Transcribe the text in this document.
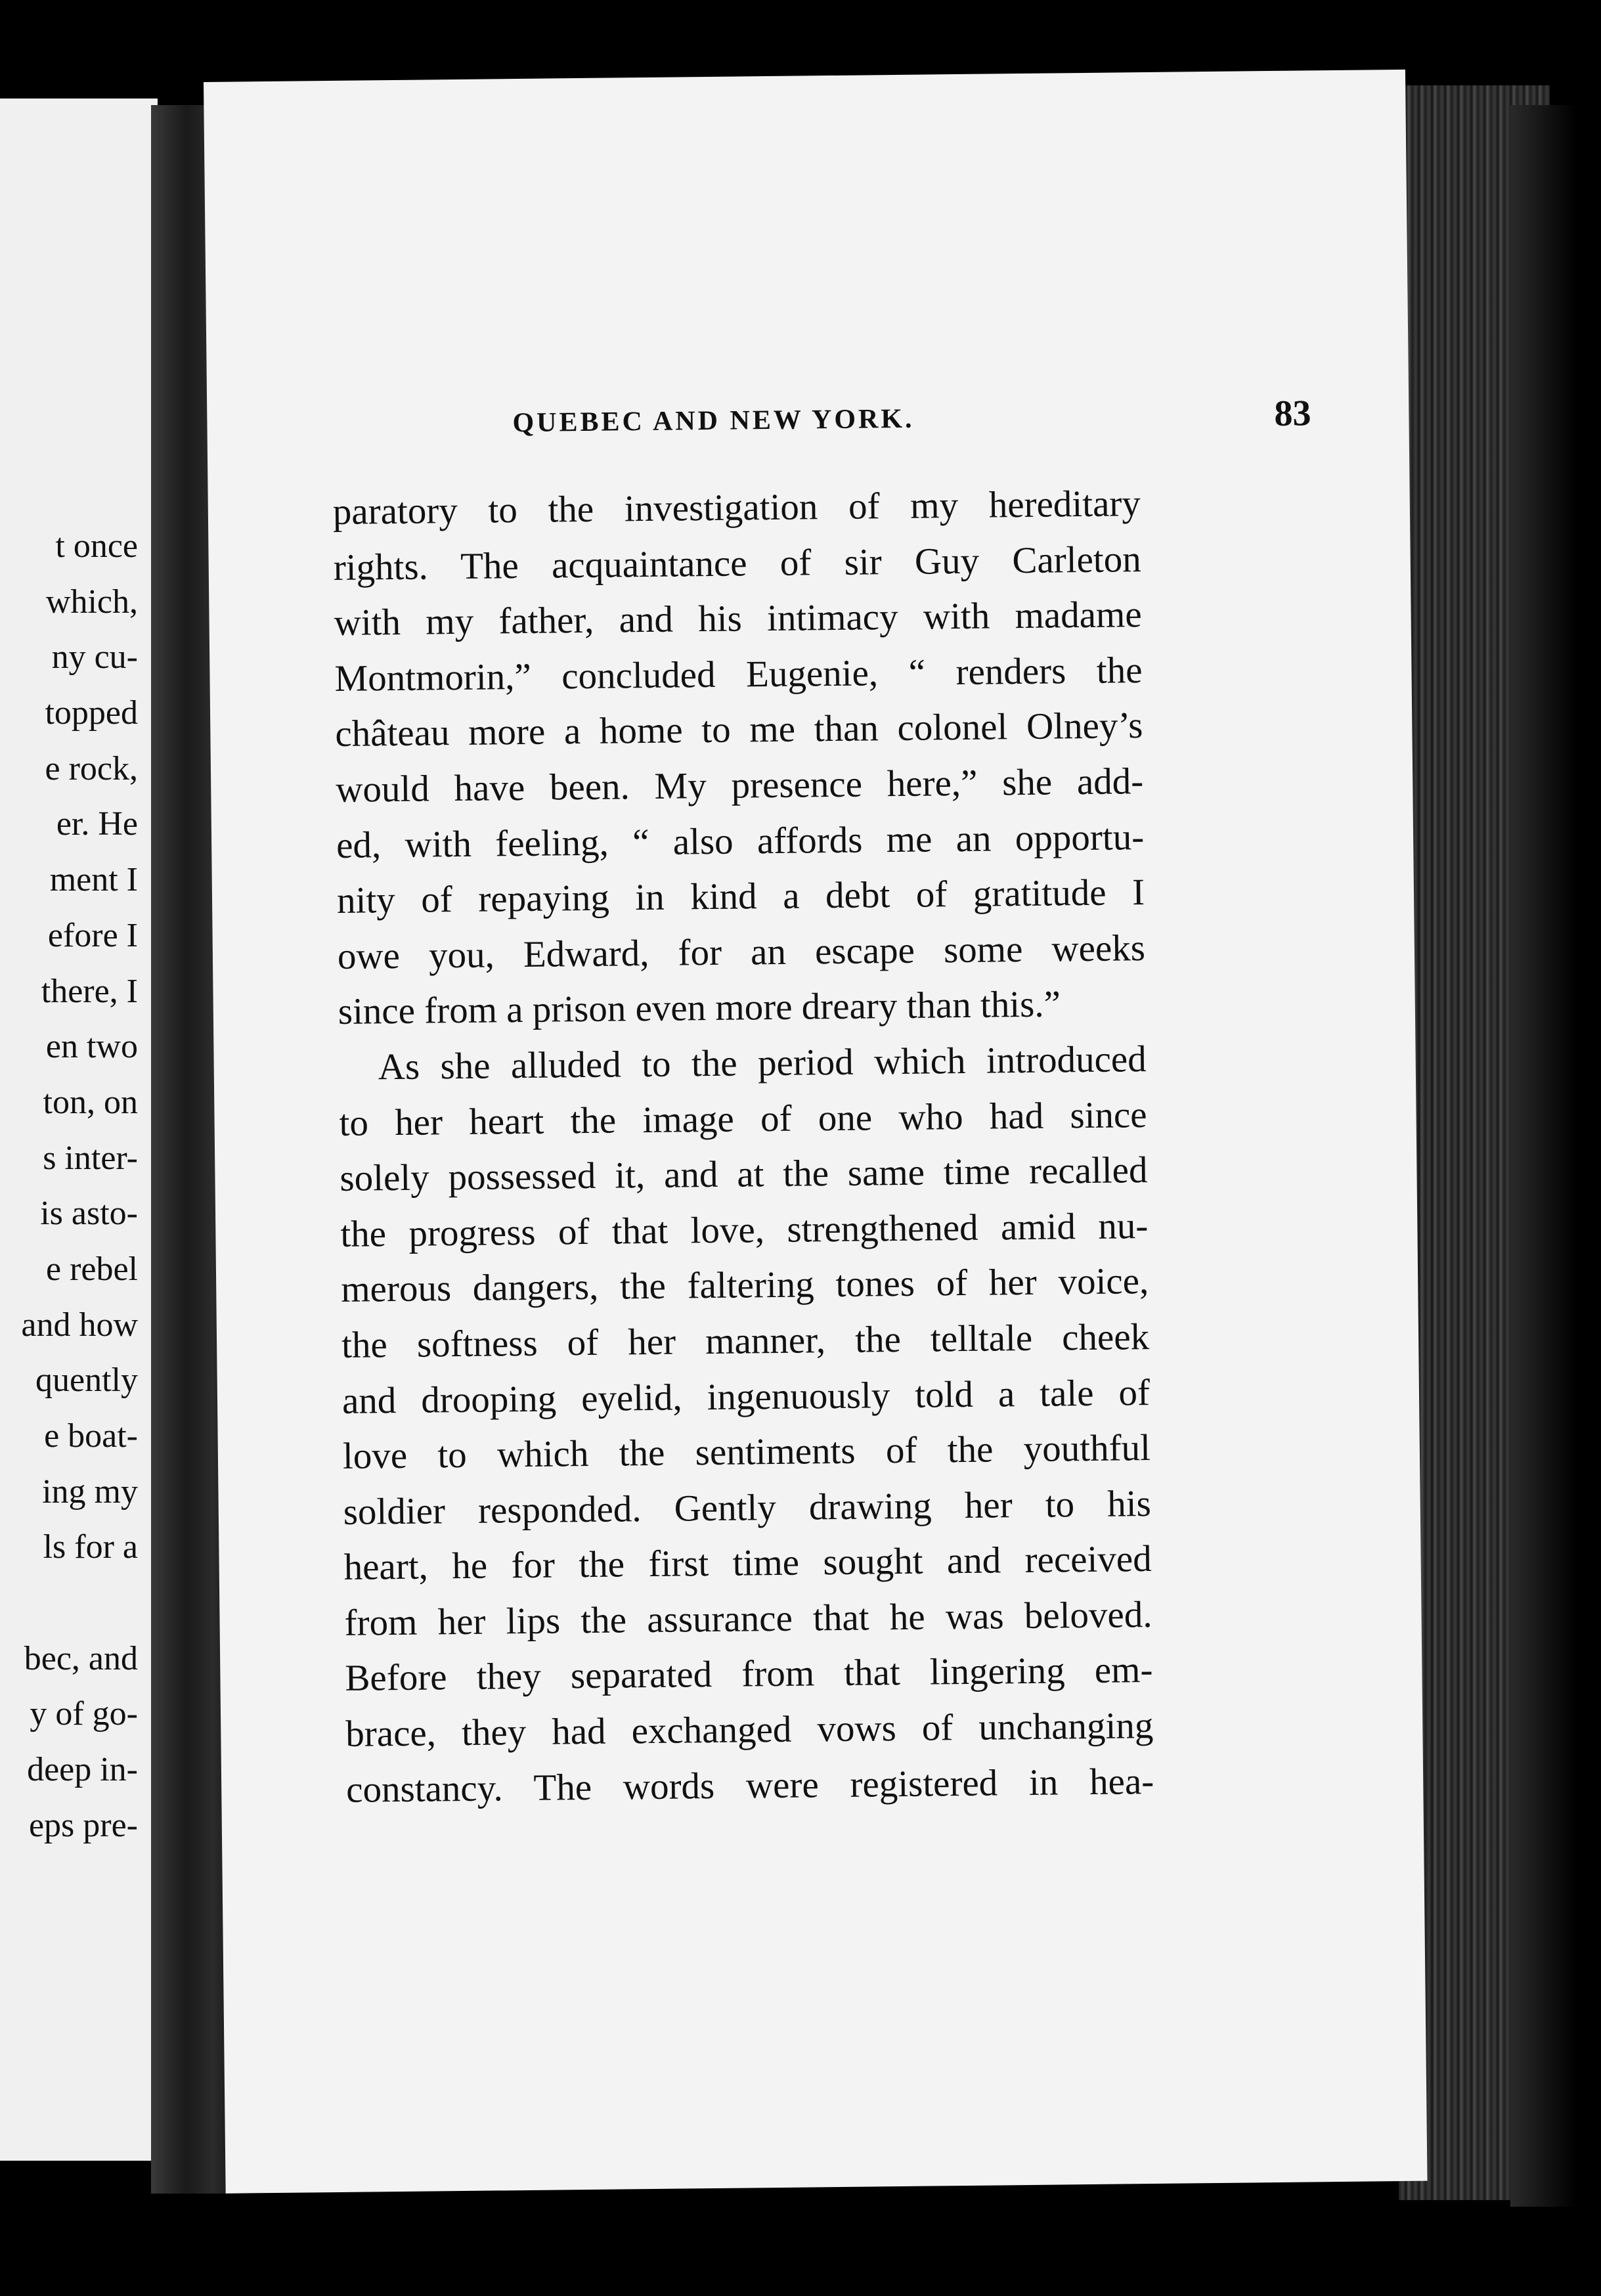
t once
which,
ny cu-
topped
e rock,
er. He
ment I
efore I
there, I
en two
ton, on
s inter-
is asto-
e rebel
and how
quently
e boat-
ing my
ls for a
bec, and
y of go-
deep in-
eps pre-
QUEBEC AND NEW YORK.	83
paratory to the investigation of my hereditary
rights. The acquaintance of sir Guy Carleton
with my father, and his intimacy with madame
Montmorin,” concluded Eugenie, “ renders the
château more a home to me than colonel Olney’s
would have been. My presence here,” she add-
ed, with feeling, “ also affords me an opportu-
nity of repaying in kind a debt of gratitude I
owe you, Edward, for an escape some weeks
since from a prison even more dreary than this.”
As she alluded to the period which introduced
to her heart the image of one who had since
solely possessed it, and at the same time recalled
the progress of that love, strengthened amid nu-
merous dangers, the faltering tones of her voice,
the softness of her manner, the telltale cheek
and drooping eyelid, ingenuously told a tale of
love to which the sentiments of the youthful
soldier responded. Gently drawing her to his
heart, he for the first time sought and received
from her lips the assurance that he was beloved.
Before they separated from that lingering em-
brace, they had exchanged vows of unchanging
constancy. The words were registered in hea-
